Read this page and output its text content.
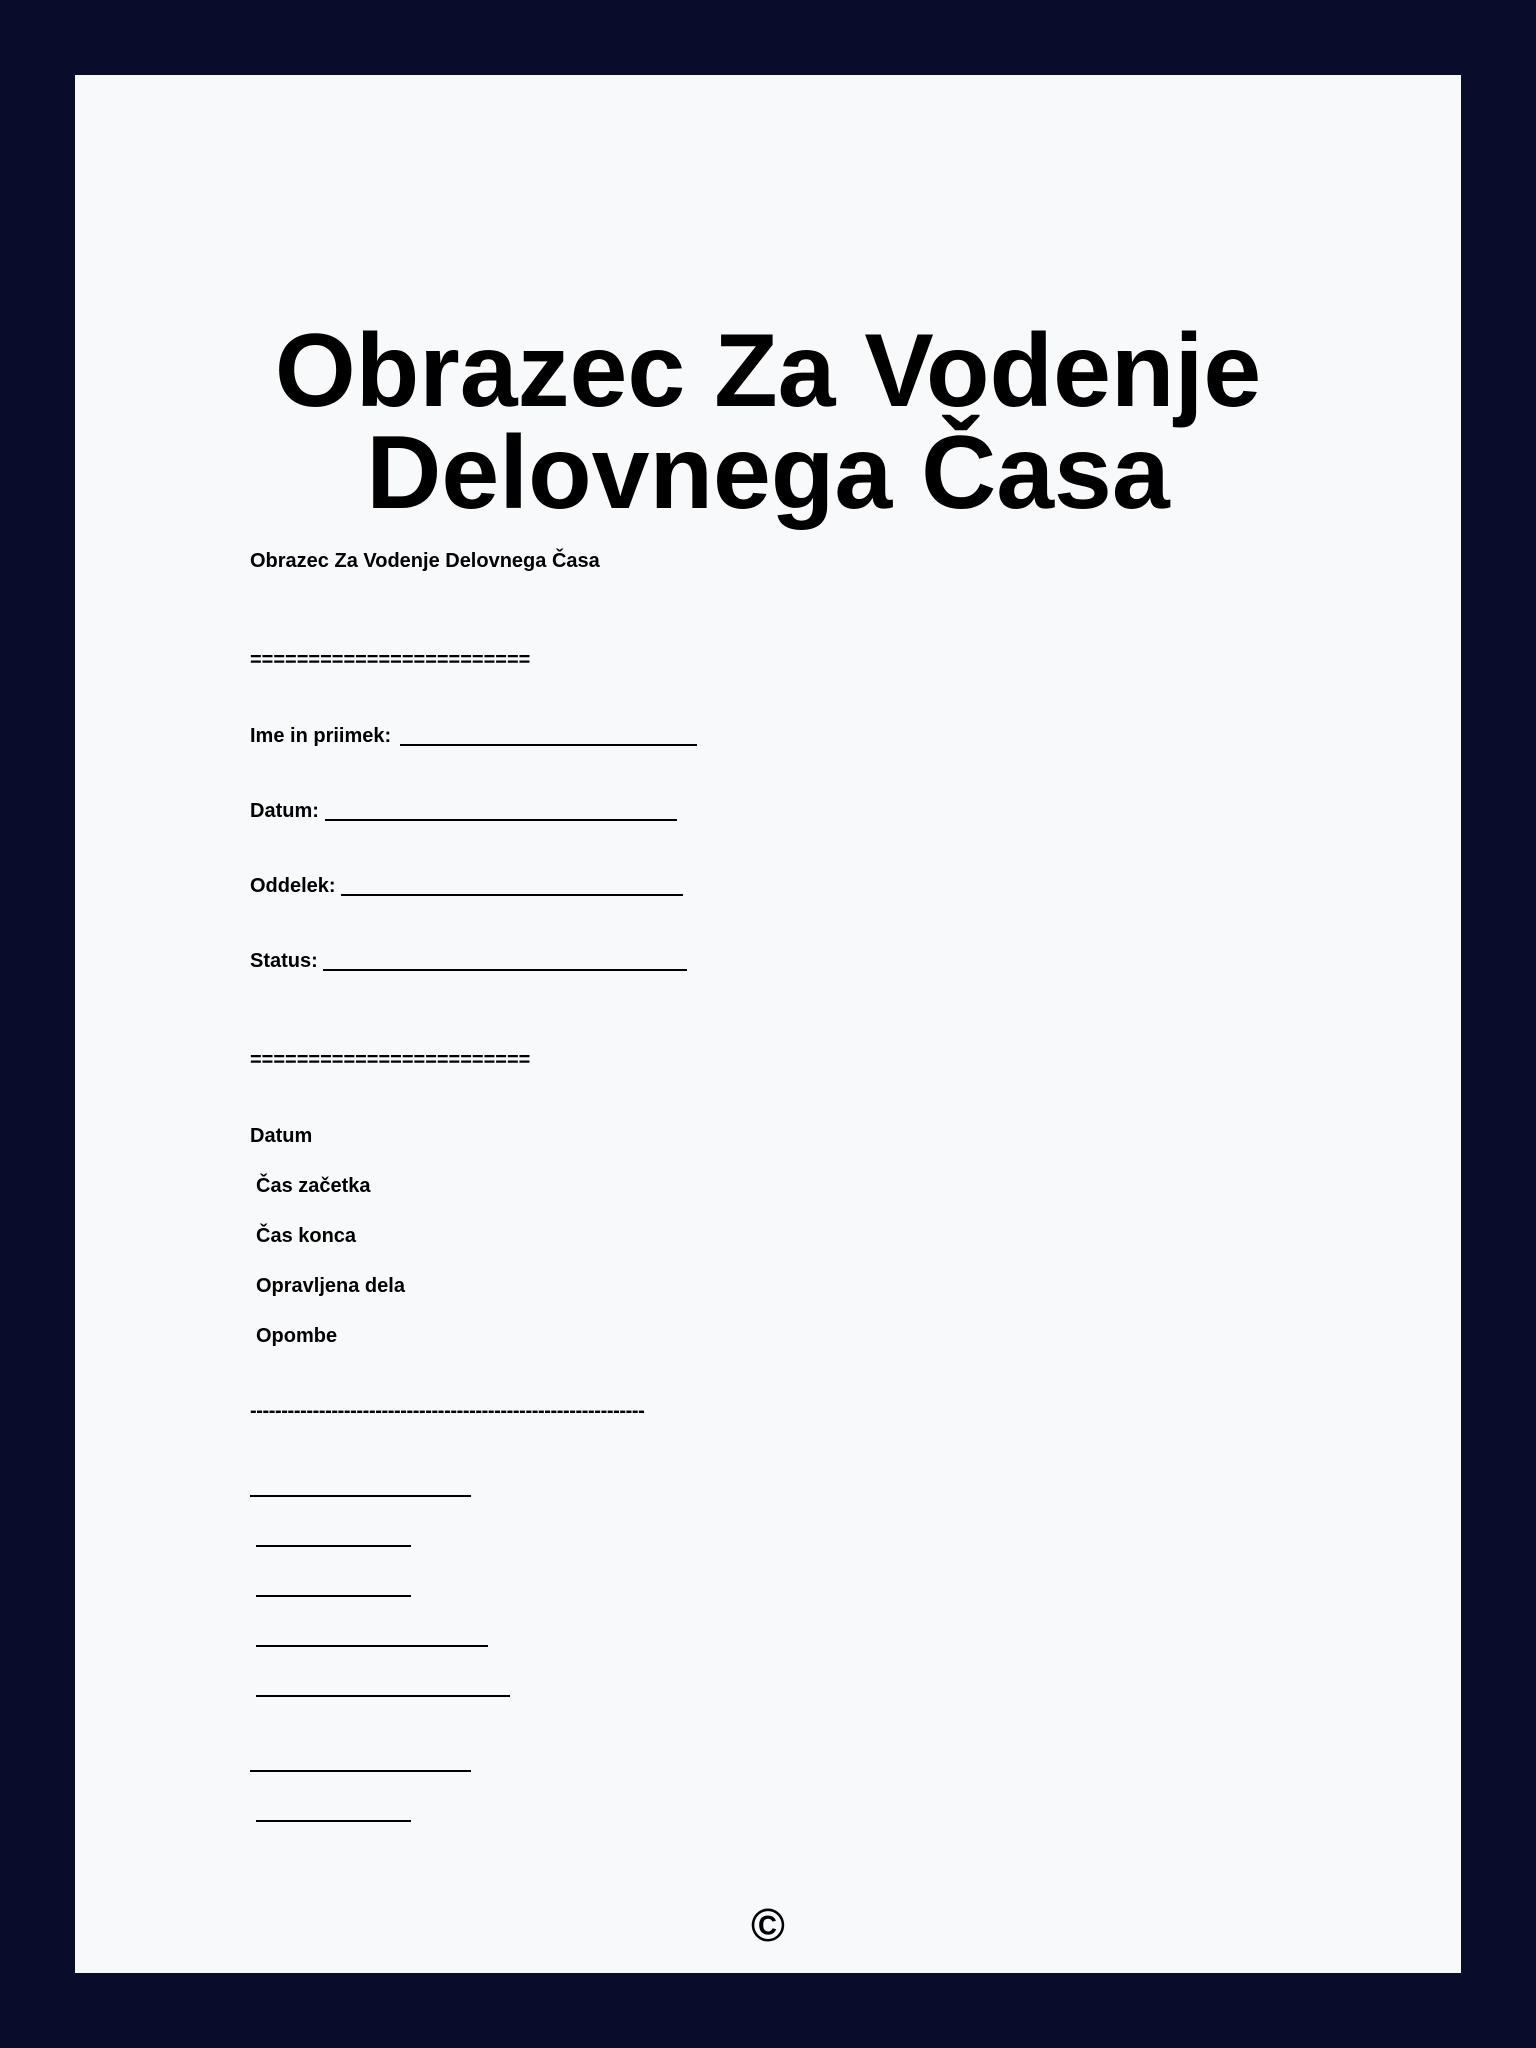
Obrazec Za Vodenje Delovnega Časa
Obrazec Za Vodenje Delovnega Časa
========================
Ime in priimek:
Datum:
Oddelek:
Status:
========================
Datum
Čas začetka
Čas konca
Opravljena dela
Opombe
---------------------------------------------------------------
©
